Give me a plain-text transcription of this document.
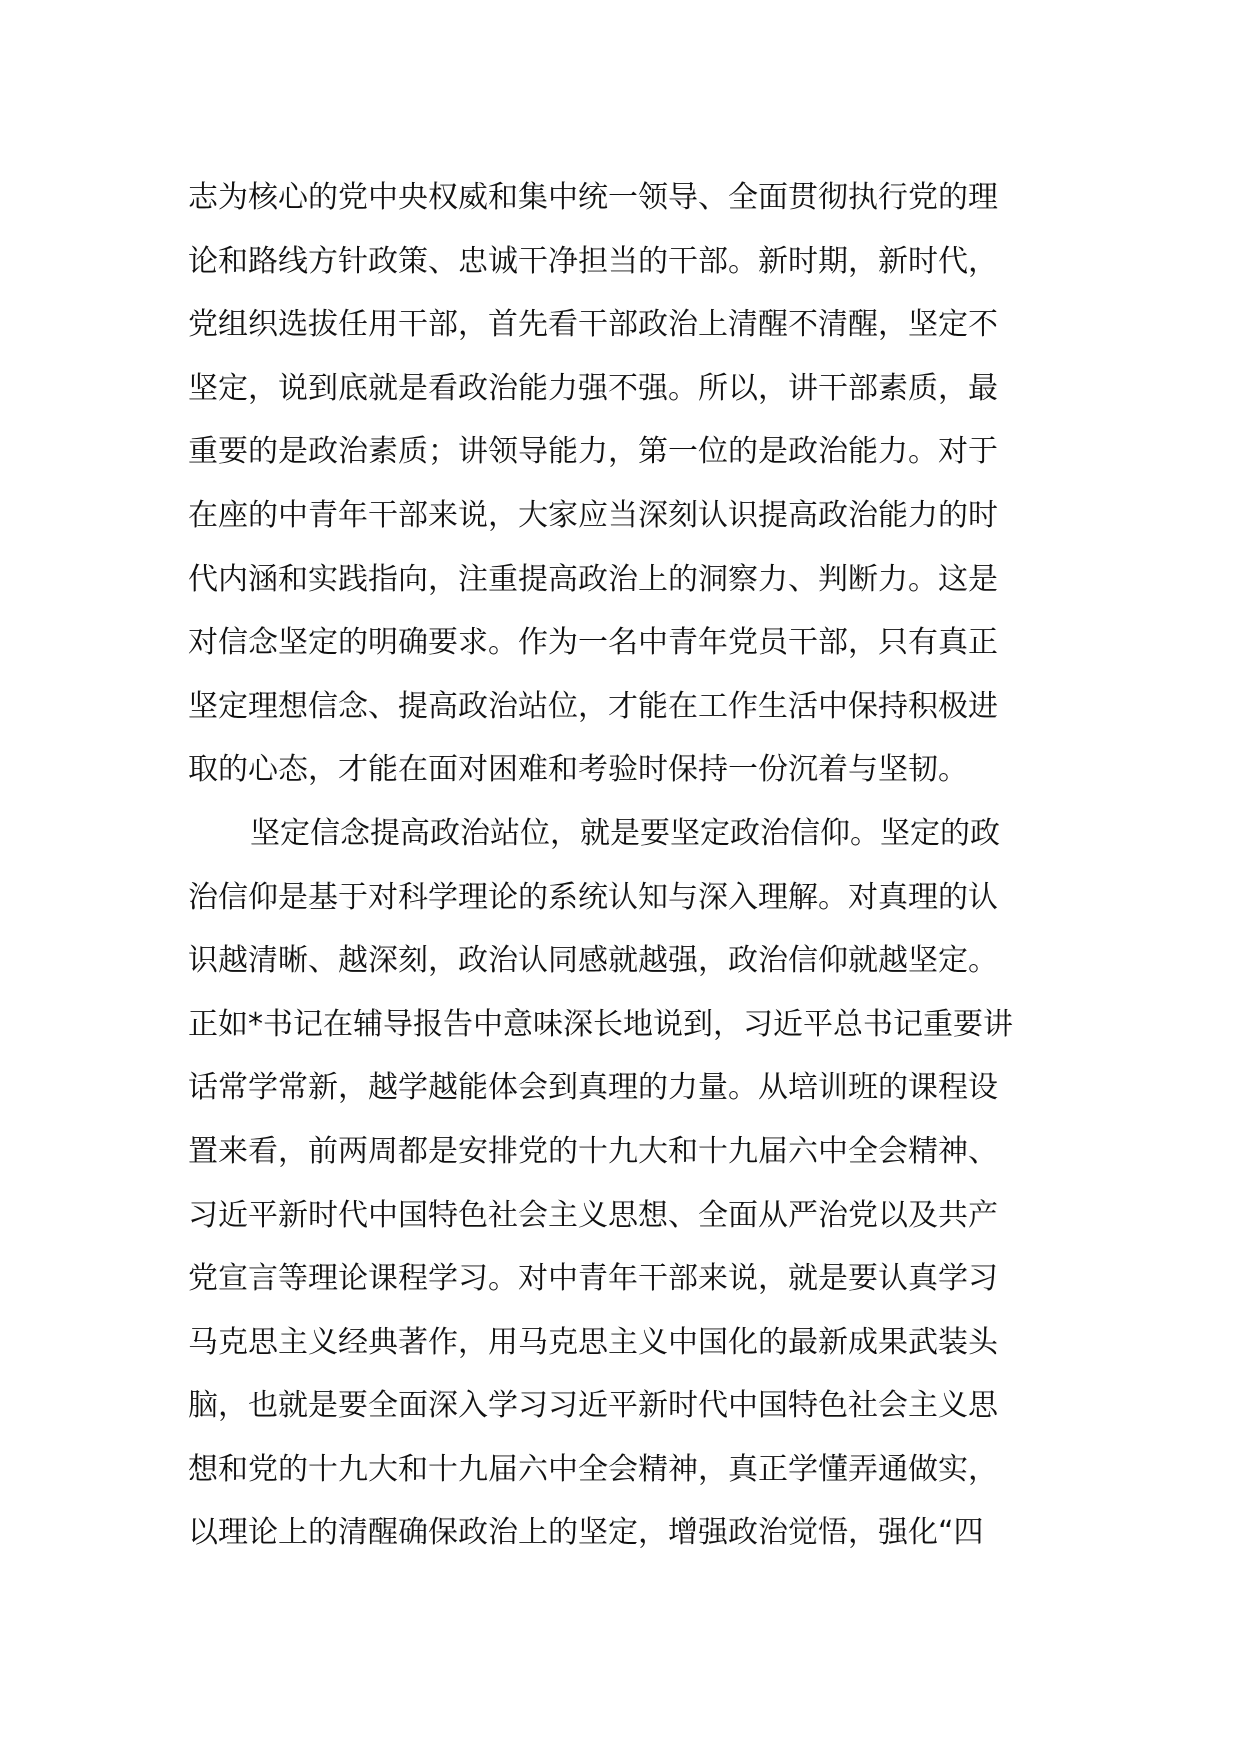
志为核心的党中央权威和集中统一领导、全面贯彻执行党的理
论和路线方针政策、忠诚干净担当的干部。新时期，新时代，
党组织选拔任用干部，首先看干部政治上清醒不清醒，坚定不
坚定，说到底就是看政治能力强不强。所以，讲干部素质，最
重要的是政治素质；讲领导能力，第一位的是政治能力。对于
在座的中青年干部来说，大家应当深刻认识提高政治能力的时
代内涵和实践指向，注重提高政治上的洞察力、判断力。这是
对信念坚定的明确要求。作为一名中青年党员干部，只有真正
坚定理想信念、提高政治站位，才能在工作生活中保持积极进
取的心态，才能在面对困难和考验时保持一份沉着与坚韧。
坚定信念提高政治站位，就是要坚定政治信仰。坚定的政
治信仰是基于对科学理论的系统认知与深入理解。对真理的认
识越清晰、越深刻，政治认同感就越强，政治信仰就越坚定。
正如*书记在辅导报告中意味深长地说到，习近平总书记重要讲
话常学常新，越学越能体会到真理的力量。从培训班的课程设
置来看，前两周都是安排党的十九大和十九届六中全会精神、
习近平新时代中国特色社会主义思想、全面从严治党以及共产
党宣言等理论课程学习。对中青年干部来说，就是要认真学习
马克思主义经典著作，用马克思主义中国化的最新成果武装头
脑，也就是要全面深入学习习近平新时代中国特色社会主义思
想和党的十九大和十九届六中全会精神，真正学懂弄通做实，
以理论上的清醒确保政治上的坚定，增强政治觉悟，强化“四
